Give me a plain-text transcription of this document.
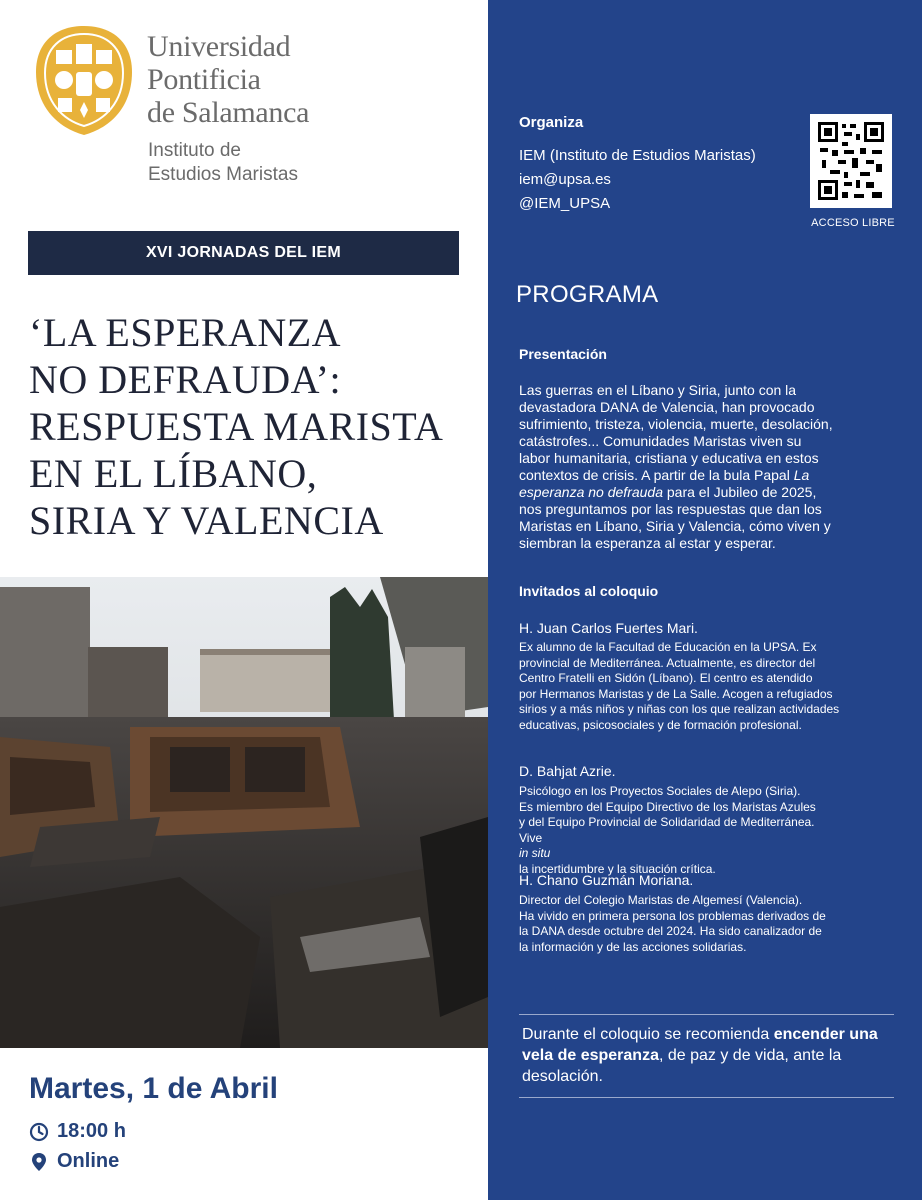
Universidad
Pontificia
de Salamanca
Instituto de
Estudios Maristas
XVI JORNADAS DEL IEM
‘LA ESPERANZA
NO DEFRAUDA’:
RESPUESTA MARISTA
EN EL LÍBANO,
SIRIA Y VALENCIA
Martes, 1 de Abril
18:00 h
Online
Organiza
IEM (Instituto de Estudios Maristas)
iem@upsa.es
@IEM_UPSA
ACCESO LIBRE
PROGRAMA
Presentación
Las guerras en el Líbano y Siria, junto con la
devastadora DANA de Valencia, han provocado
sufrimiento, tristeza, violencia, muerte, desolación,
catástrofes... Comunidades Maristas viven su
labor humanitaria, cristiana y educativa en estos
contextos de crisis. A partir de la bula Papal La
esperanza no defrauda para el Jubileo de 2025,
nos preguntamos por las respuestas que dan los
Maristas en Líbano, Siria y Valencia, cómo viven y
siembran la esperanza al estar y esperar.
Invitados al coloquio
H. Juan Carlos Fuertes Mari.
Ex alumno de la Facultad de Educación en la UPSA. Ex
provincial de Mediterránea. Actualmente, es director del
Centro Fratelli en Sidón (Líbano). El centro es atendido
por Hermanos Maristas y de La Salle. Acogen a refugiados
sirios y a más niños y niñas con los que realizan actividades
educativas, psicosociales y de formación profesional.
D. Bahjat Azrie.
Psicólogo en los Proyectos Sociales de Alepo (Siria).
Es miembro del Equipo Directivo de los Maristas Azules
y del Equipo Provincial de Solidaridad de Mediterránea.
Vive
in situ
la incertidumbre y la situación crítica.
H. Chano Guzmán Moriana.
Director del Colegio Maristas de Algemesí (Valencia).
Ha vivido en primera persona los problemas derivados de
la DANA desde octubre del 2024. Ha sido canalizador de
la información y de las acciones solidarias.
Durante el coloquio se recomienda encender una vela de esperanza, de paz y de vida, ante la desolación.
